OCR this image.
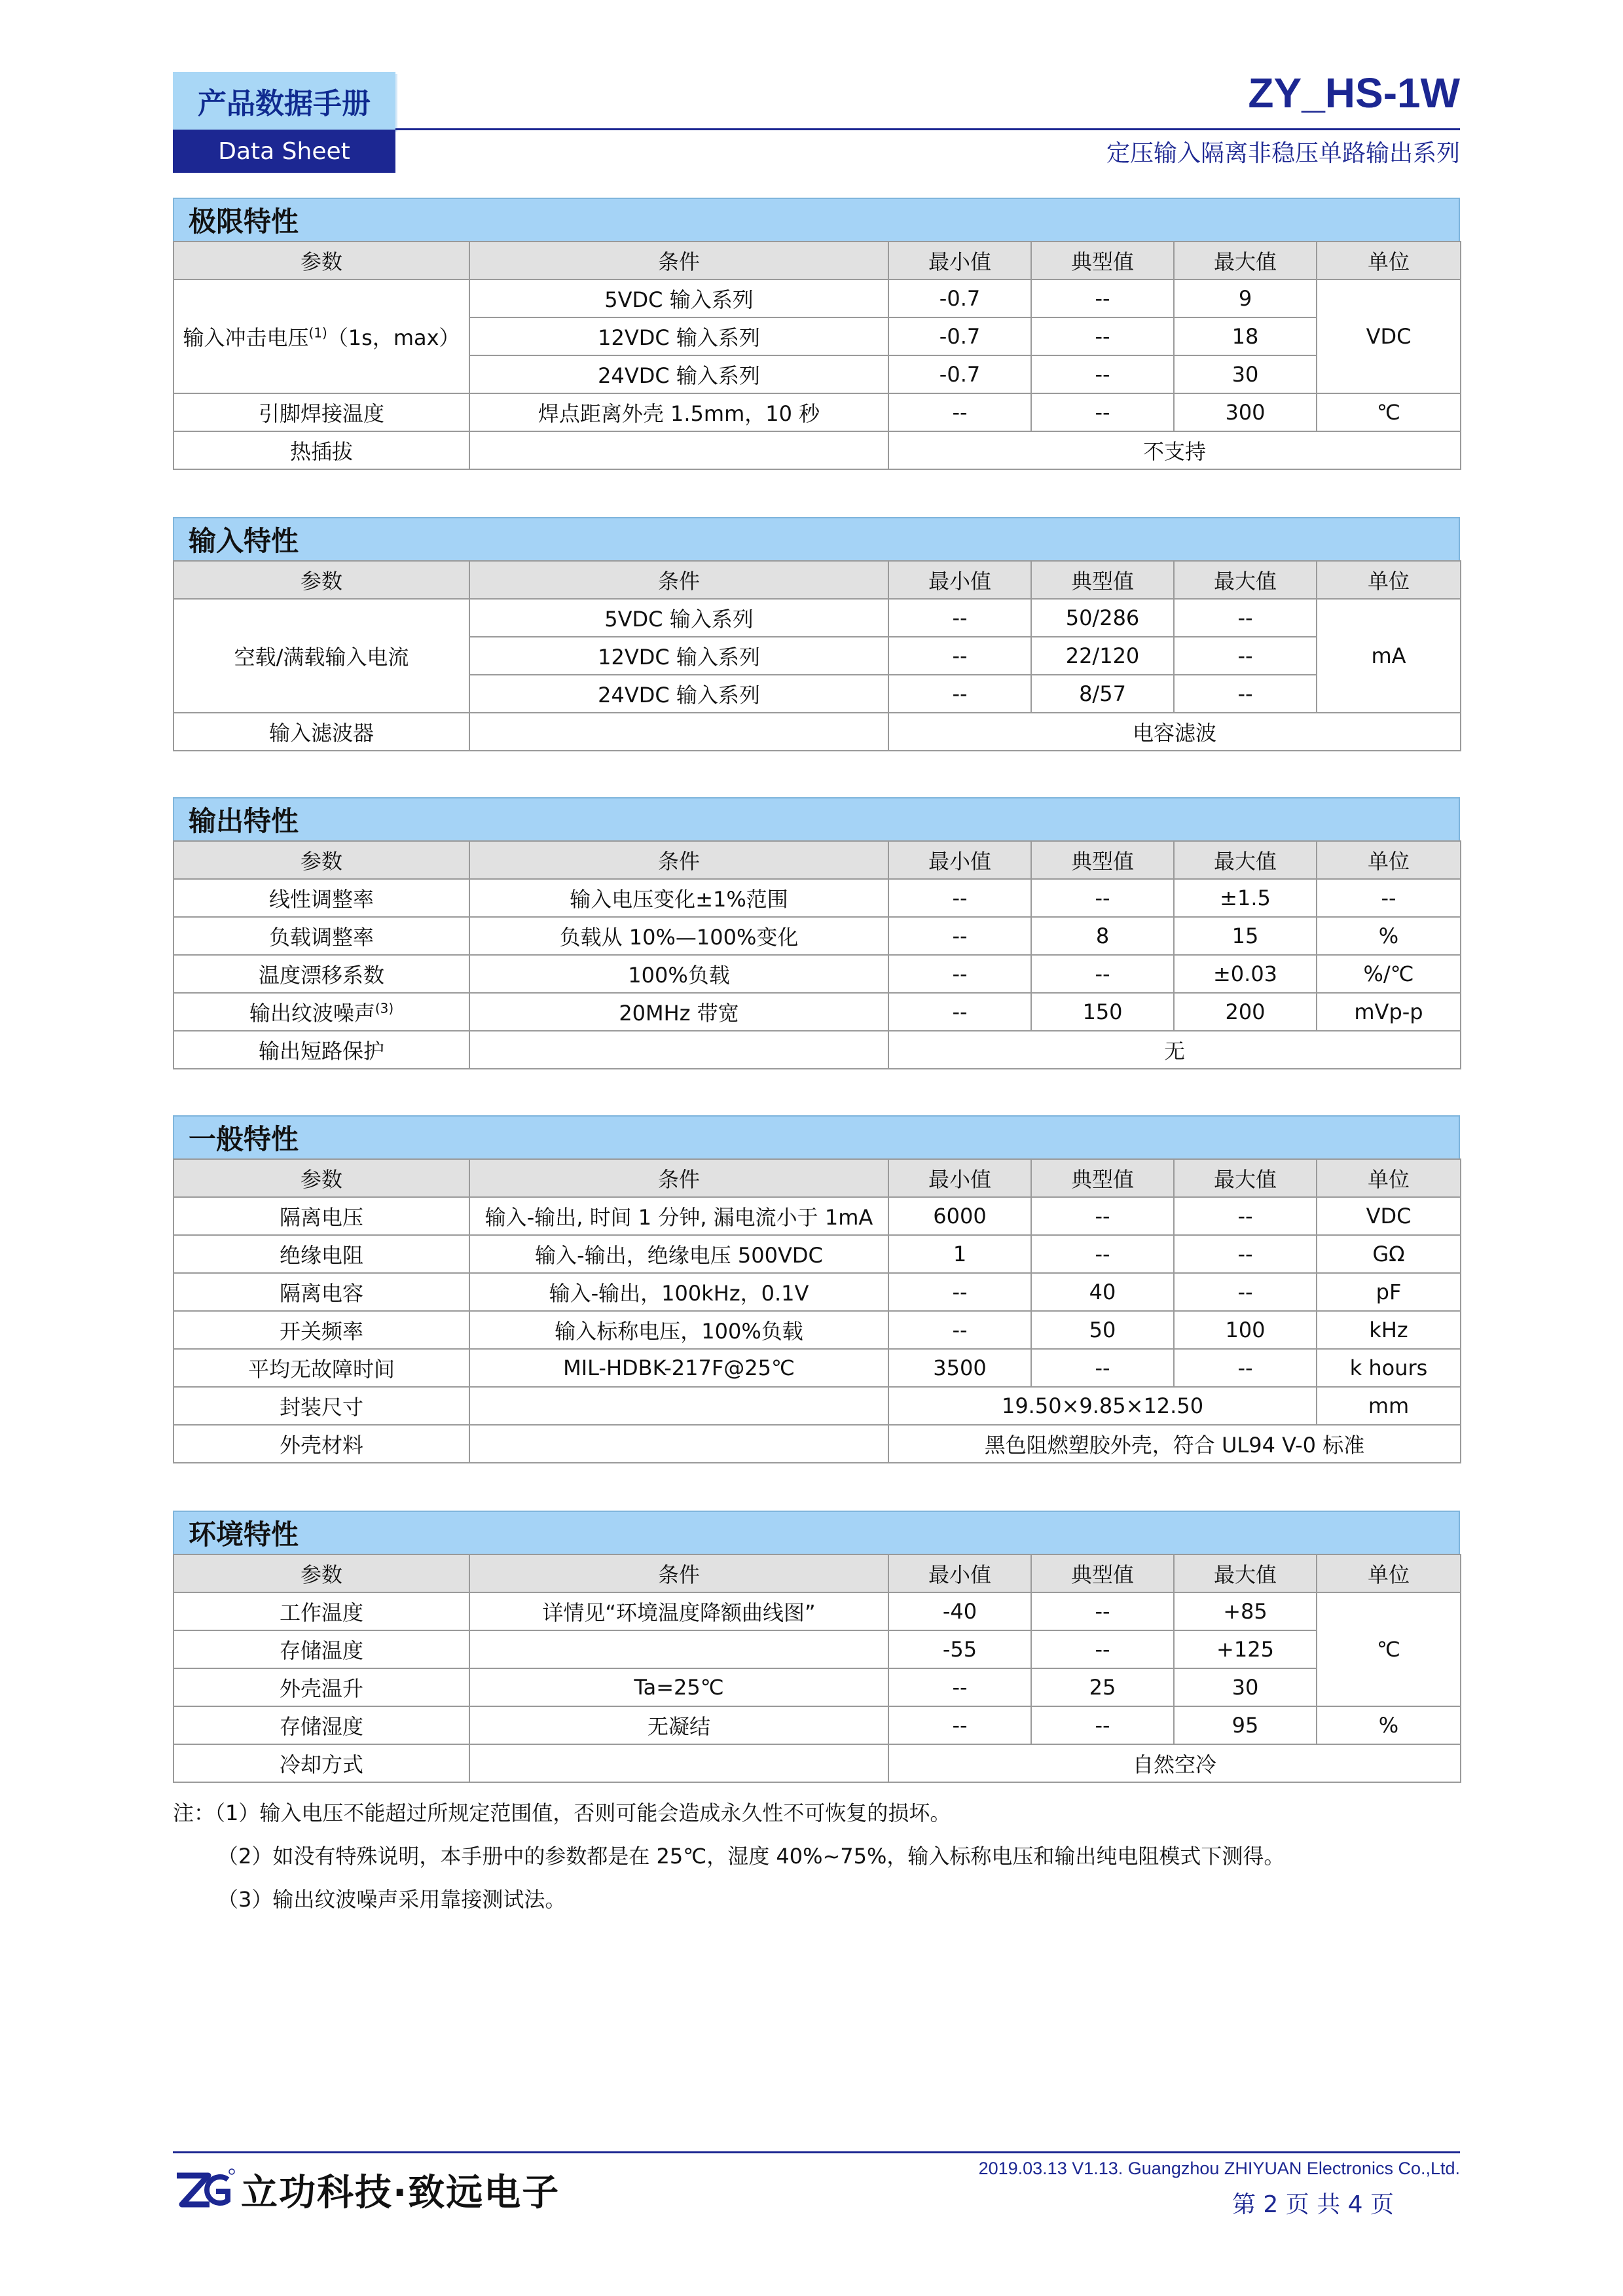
产品数据手册
Data Sheet
ZY_HS-1W
定压输入隔离非稳压单路输出系列
极限特性
参数	条件	最小值	典型值	最大值	单位
输入冲击电压$^{(1)}$（1s，max）	5VDC 输入系列	-0.7	--	9	VDC
	12VDC 输入系列	-0.7	--	18	
	24VDC 输入系列	-0.7	--	30	
引脚焊接温度	焊点距离外壳 1.5mm，10 秒	--	--	300	℃
热插拔		不支持			
输入特性
参数	条件	最小值	典型值	最大值	单位
空载/满载输入电流	5VDC 输入系列	--	50/286	--	mA
	12VDC 输入系列	--	22/120	--	
	24VDC 输入系列	--	8/57	--	
输入滤波器		电容滤波			
输出特性
参数	条件	最小值	典型值	最大值	单位
线性调整率	输入电压变化±1%范围	--	--	±1.5	--
负载调整率	负载从 10%—100%变化	--	8	15	%
温度漂移系数	100%负载	--	--	±0.03	%/℃
输出纹波噪声$^{(3)}$	20MHz 带宽	--	150	200	mVp-p
输出短路保护		无			
一般特性
参数	条件	最小值	典型值	最大值	单位
隔离电压	输入-输出, 时间 1 分钟, 漏电流小于 1mA	6000	--	--	VDC
绝缘电阻	输入-输出，绝缘电压 500VDC	1	--	--	GΩ
隔离电容	输入-输出，100kHz，0.1V	--	40	--	pF
开关频率	输入标称电压，100%负载	--	50	100	kHz
平均无故障时间	MIL-HDBK-217F@25℃	3500	--	--	k hours
封装尺寸		19.50×9.85×12.50			mm
外壳材料		黑色阻燃塑胶外壳，符合 UL94 V-0 标准			
环境特性
参数	条件	最小值	典型值	最大值	单位
工作温度	详情见“环境温度降额曲线图”	-40	--	+85	℃
存储温度		-55	--	+125	
外壳温升	Ta=25℃	--	25	30	
存储湿度	无凝结	--	--	95	%
冷却方式		自然空冷			
注：（1）输入电压不能超过所规定范围值，否则可能会造成永久性不可恢复的损坏。
（2）如没有特殊说明，本手册中的参数都是在 25℃，湿度 40%~75%，输入标称电压和输出纯电阻模式下测得。
（3）输出纹波噪声采用靠接测试法。
立功科技·致远电子
2019.03.13 V1.13. Guangzhou ZHIYUAN Electronics Co.,Ltd.
第 2 页 共 4 页
